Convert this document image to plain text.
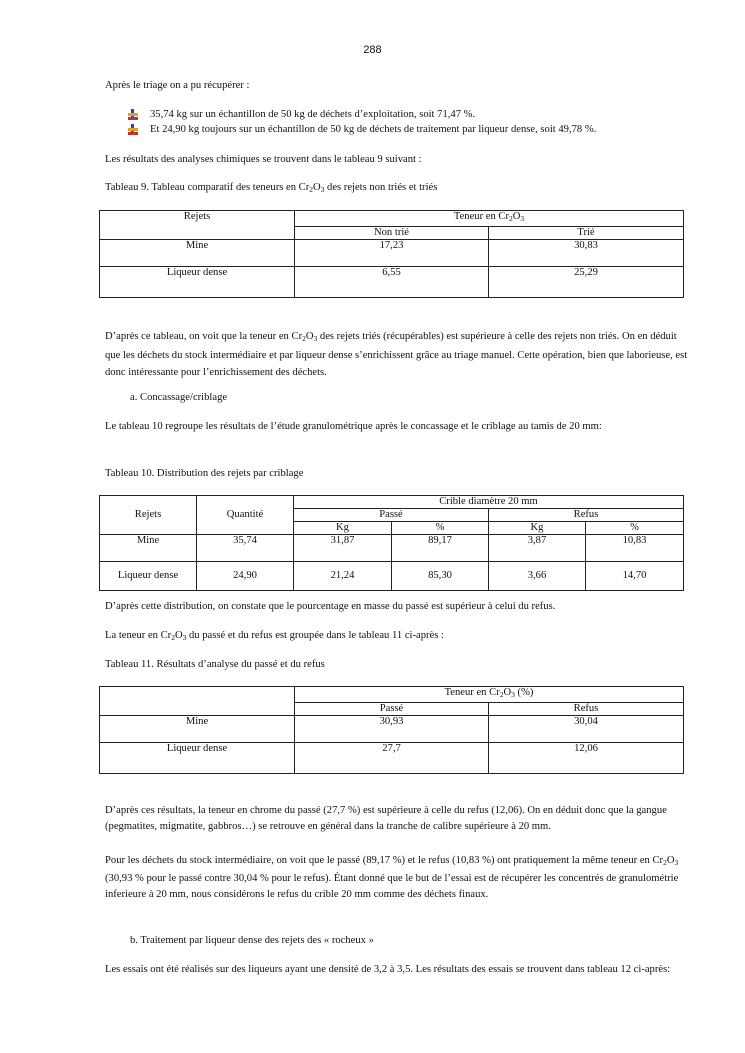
288

Après le triage on a pu récupérer :

35,74 kg sur un échantillon de 50 kg de déchets d’exploitation, soit 71,47 %.
Et 24,90 kg toujours sur un échantillon de 50 kg de déchets de traitement par liqueur dense, soit 49,78 %.

Les résultats des analyses chimiques se trouvent dans le tableau 9 suivant :

Tableau 9. Tableau comparatif des teneurs en $Cr_2O_3$ des rejets non triés et triés

Rejets	Teneur en $Cr_2O_3$
	Non trié	Trié
Mine	17,23	30,83
Liqueur dense	6,55	25,29

D’après ce tableau, on voit que la teneur en $Cr_2O_3$ des rejets triés (récupérables) est supérieure à celle des rejets non triés. On en déduit que les déchets du stock intermédiaire et par liqueur dense s’enrichissent grâce au triage manuel. Cette opération, bien que laborieuse, est donc intéressante pour l’enrichissement des déchets.

a. Concassage/criblage

Le tableau 10 regroupe les résultats de l’étude granulométrique après le concassage et le criblage au tamis de 20 mm:

Tableau 10. Distribution des rejets par criblage

Rejets	Quantité	Crible diamètre 20 mm			
		Passé		Refus	
		Kg	%	Kg	%
Mine	35,74	31,87	89,17	3,87	10,83
Liqueur dense	24,90	21,24	85,30	3,66	14,70

D’après cette distribution, on constate que le pourcentage en masse du passé est supérieur à celui du refus.

La teneur en $Cr_2O_3$ du passé et du refus est groupée dans le tableau 11 ci-après :

Tableau 11. Résultats d’analyse du passé et du refus

	Teneur en $Cr_2O_3$ (%)	
	Passé	Refus
Mine	30,93	30,04
Liqueur dense	27,7	12,06

D’après ces résultats, la teneur en chrome du passé (27,7 %) est supérieure à celle du refus (12,06). On en déduit donc que la gangue (pegmatites, migmatite, gabbros…) se retrouve en général dans la tranche de calibre supérieure à 20 mm.

Pour les déchets du stock intermédiaire, on voit que le passé (89,17 %) et le refus (10,83 %) ont pratiquement la même teneur en $Cr_2O_3$ (30,93 % pour le passé contre 30,04 % pour le refus). Étant donné que le but de l’essai est de récupérer les concentrés de granulométrie inferieure à 20 mm, nous considérons le refus du crible 20 mm comme des déchets finaux.

b. Traitement par liqueur dense des rejets des « rocheux »

Les essais ont été réalisés sur des liqueurs ayant une densité de 3,2 à 3,5. Les résultats des essais se trouvent dans tableau 12 ci-après:
